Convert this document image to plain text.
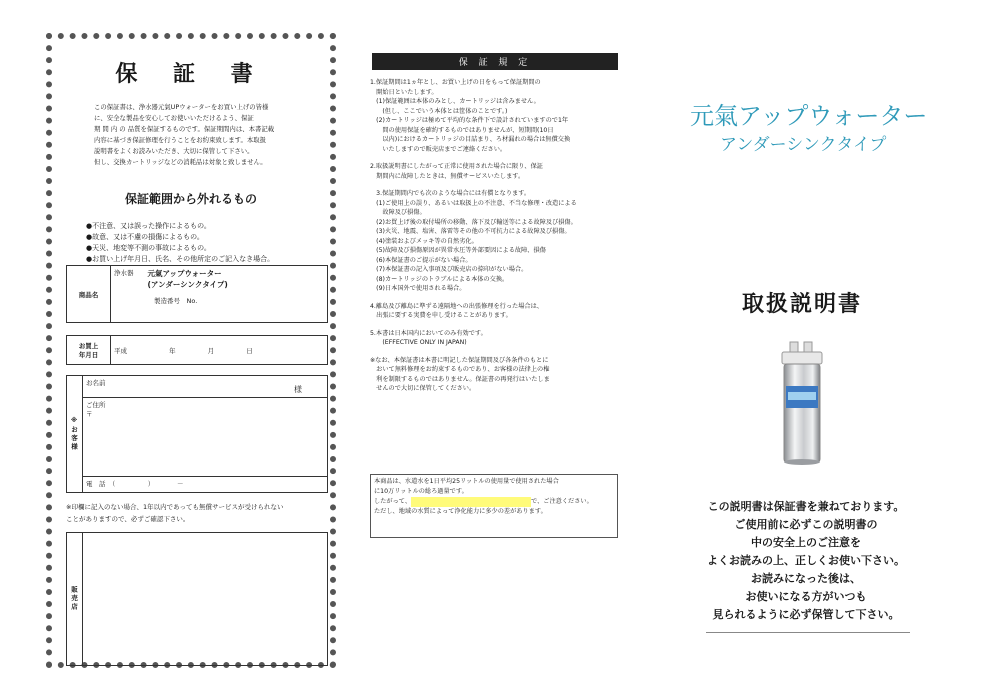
保 証 書
この保証書は、浄水器元氣UPウォーターをお買い上げの皆様
に、安全な製品を安心してお使いいただけるよう、保証
期 間 内 の 品質を保証するものです。保証期間内は、本書記載
内容に基づき保証修理を行うことをお約束致します。本取扱
説明書をよくお読みいただき、大切に保管して下さい。
但し、交換カートリッジなどの消耗品は対象と致しません。
保証範囲から外れるもの
●不注意、又は誤った操作によるもの。
●故意、又は不慮の損傷によるもの。
●天災、地変等不測の事故によるもの。
●お買い上げ年月日、氏名、その他所定のご記入なき場合。
商品名	
浄水器 元氣アップウォーター
(アンダーシンクタイプ)
製造番号　No.
お買上
年月日	平成	年	月	日
※お客様	お名前
様

ご住所
〒
電　話　（　　　　　）　　　　－
※印欄に記入のない場合、1年以内であっても無償サービスが受けられない
ことがありますので、必ずご確認下さい。
販売店	
保 証 規 定
1.保証期間は1ヵ年とし、お買い上げの日をもって保証期間の
　開始日といたします。
　(1)保証範囲は本体のみとし、カートリッジは含みません。
　　(但し、ここでいう本体とは筐体のことです。)
　(2)カートリッジは極めて平均的な条件下で設計されていますので1年
　　間の使用保証を確約するものではありませんが、短期間(10日
　　以内)におけるカートリッジの目詰まり、ろ材漏れの場合は無償交換
　　いたしますので販売店までご連絡ください。
2.取扱説明書にしたがって正常に使用された場合に限り、保証
　期間内に故障したときは、無償サービスいたします。
　3.保証期間内でも次のような場合には有償となります。
　(1)ご使用上の誤り、あるいは取扱上の不注意、不当な修理・改造による
　　故障及び損傷。
　(2)お買上げ後の取付場所の移動、落下及び輸送等による故障及び損傷。
　(3)火災、地震、塩害、落雷等その他の不可抗力による故障及び損傷。
　(4)塗装およびメッキ等の自然劣化。
　(5)故障及び損傷原因が異常水圧等外部要因による故障、損傷
　(6)本保証書のご提示がない場合。
　(7)本保証書の記入事項及び販売店の捺印がない場合。
　(8)カートリッジのトラブルによる本体の交換。
　(9)日本国外で使用される場合。
4.離島及び離島に準ずる遠隔地への出張修理を行った場合は、
　出張に要する実費を申し受けることがあります。
5.本書は日本国内においてのみ有効です。
　　(EFFECTIVE ONLY IN JAPAN)
※なお、本保証書は本書に明記した保証期間及び各条件のもとに
　おいて無料修理をお約束するものであり、お客様の法律上の権
　利を制限するものではありません。保証書の再発行はいたしま
　せんので大切に保管してください。
本商品は、水道水を1日平均25リットルの使用量で使用された場合
に10万リットルの総ろ過量です。
したがって、	で、ご注意ください。
ただし、地域の水質によって浄化能力に多少の差があります。
元氣アップウォーター
アンダーシンクタイプ
取扱説明書
この説明書は保証書を兼ねております。
ご使用前に必ずこの説明書の
中の安全上のご注意を
よくお読みの上、正しくお使い下さい。
お読みになった後は、
お使いになる方がいつも
見られるように必ず保管して下さい。
